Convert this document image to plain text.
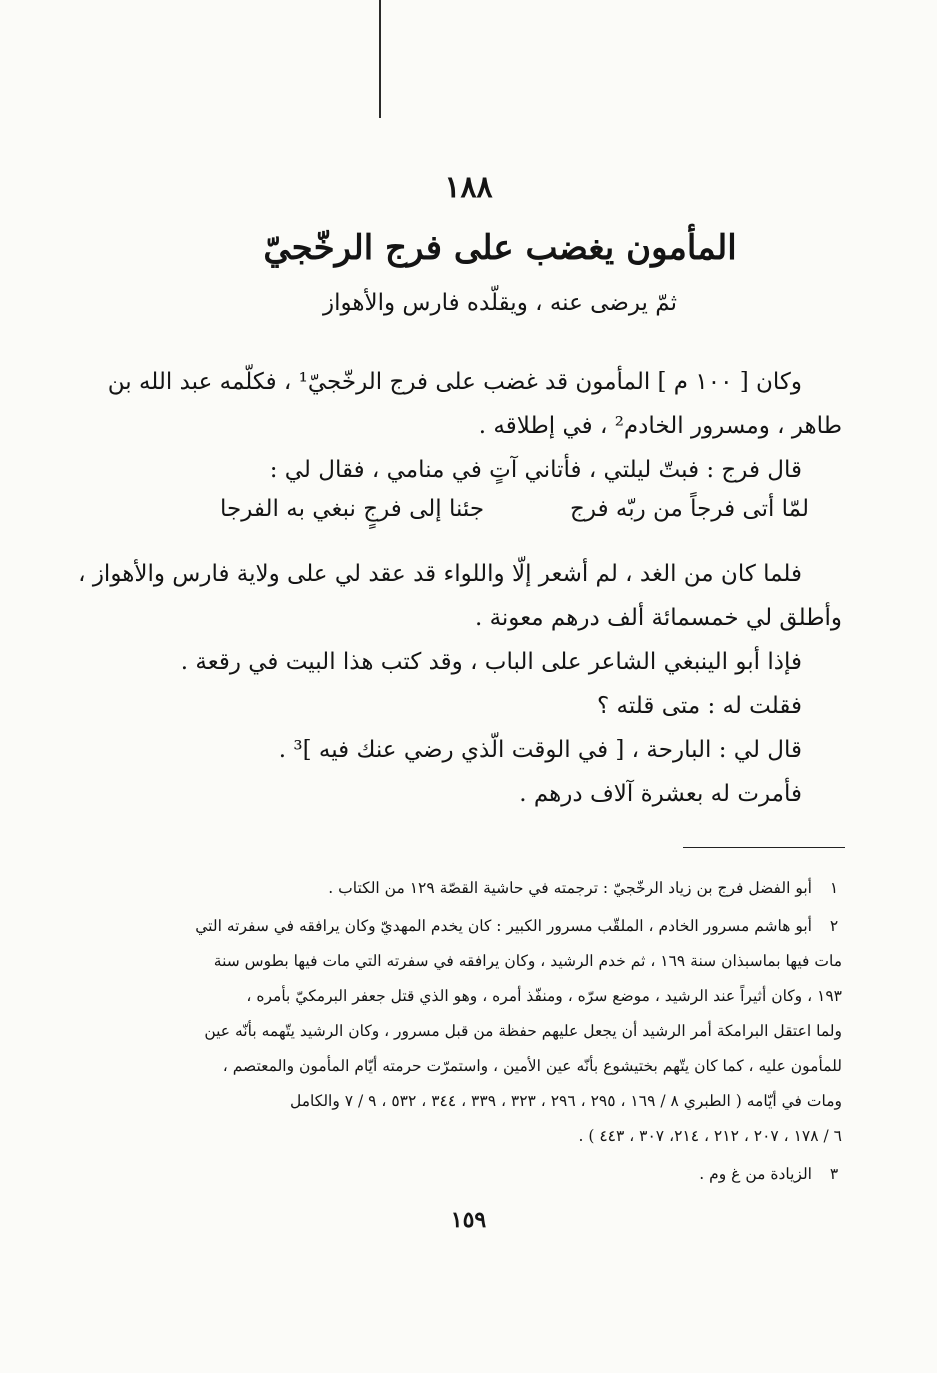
١٨٨
المأمون يغضب على فرج الرخّجيّ
ثمّ يرضى عنه ، ويقلّده فارس والأهواز
وكان [ ١٠٠ م ] المأمون قد غضب على فرج الرخّجيّ¹ ، فكلّمه عبد الله بن
طاهر ، ومسرور الخادم² ، في إطلاقه .
قال فرج : فبتّ ليلتي ، فأتاني آتٍ في منامي ، فقال لي :
لمّا أتى فرجاً من ربّه فرج
جئنا إلى فرجٍ نبغي به الفرجا
فلما كان من الغد ، لم أشعر إلّا واللواء قد عقد لي على ولاية فارس والأهواز ،
وأطلق لي خمسمائة ألف درهم معونة .
فإذا أبو الينبغي الشاعر على الباب ، وقد كتب هذا البيت في رقعة .
فقلت له : متى قلته ؟
قال لي : البارحة ، [ في الوقت الّذي رضي عنك فيه ]³ .
فأمرت له بعشرة آلاف درهم .
١
أبو الفضل فرج بن زياد الرخّجيّ : ترجمته في حاشية القصّة ١٢٩ من الكتاب .
٢
أبو هاشم مسرور الخادم ، الملقّب مسرور الكبير : كان يخدم المهديّ وكان يرافقه في سفرته التي
مات فيها بماسبذان سنة ١٦٩ ، ثم خدم الرشيد ، وكان يرافقه في سفرته التي مات فيها بطوس سنة
١٩٣ ، وكان أثيراً عند الرشيد ، موضع سرّه ، ومنفّذ أمره ، وهو الذي قتل جعفر البرمكيّ بأمره ،
ولما اعتقل البرامكة أمر الرشيد أن يجعل عليهم حفظة من قبل مسرور ، وكان الرشيد يتّهمه بأنّه عين
للمأمون عليه ، كما كان يتّهم بختيشوع بأنّه عين الأمين ، واستمرّت حرمته أيّام المأمون والمعتصم ،
ومات في أيّامه ( الطبري ٨ / ١٦٩ ، ٢٩٥ ، ٢٩٦ ، ٣٢٣ ، ٣٣٩ ، ٣٤٤ ، ٥٣٢ ، ٩ / ٧ والكامل
٦ / ١٧٨ ، ٢٠٧ ، ٢١٢ ، ٢١٤، ٣٠٧ ، ٤٤٣ ) .
٣
الزيادة من غ وم .
١٥٩
